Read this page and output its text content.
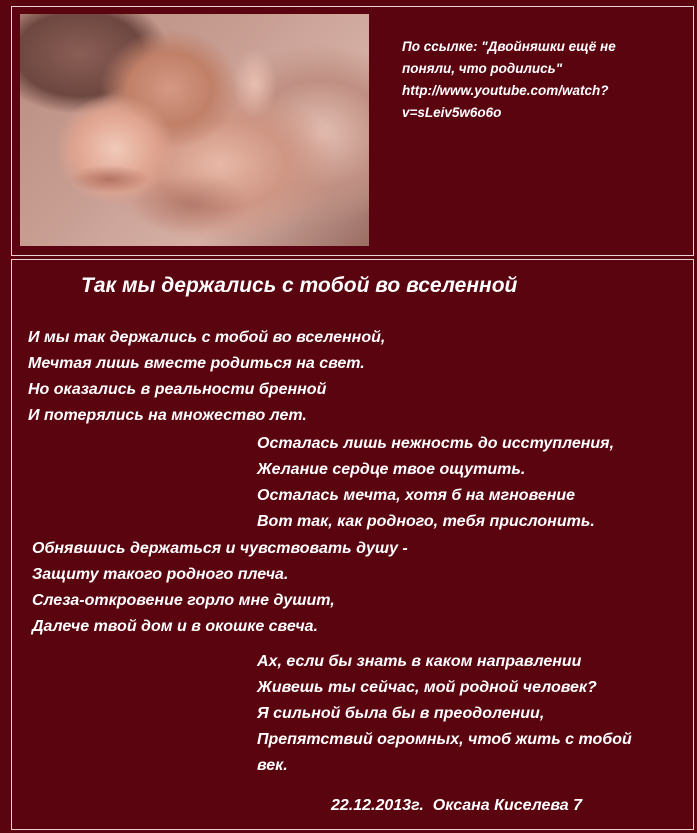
По ссылке: "Двойняшки ещё не поняли, что родились" http://www.youtube.com/watch?v=sLeiv5w6o6o
Так мы держались с тобой во вселенной
И мы так держались с тобой во вселенной,
Мечтая лишь вместе родиться на свет.
Но оказались в реальности бренной
И потерялись на множество лет.
Осталась лишь нежность до исступления,
Желание сердце твое ощутить.
Осталась мечта, хотя б на мгновение
Вот так, как родного, тебя прислонить.
Обнявшись держаться и чувствовать душу -
Защиту такого родного плеча.
Слеза-откровение горло мне душит,
Далече твой дом и в окошке свеча.
Ах, если бы знать в каком направлении
Живешь ты сейчас, мой родной человек?
Я сильной была бы в преодолении,
Препятствий огромных, чтоб жить с тобой
век.
22.12.2013г.  Оксана Киселева 7
